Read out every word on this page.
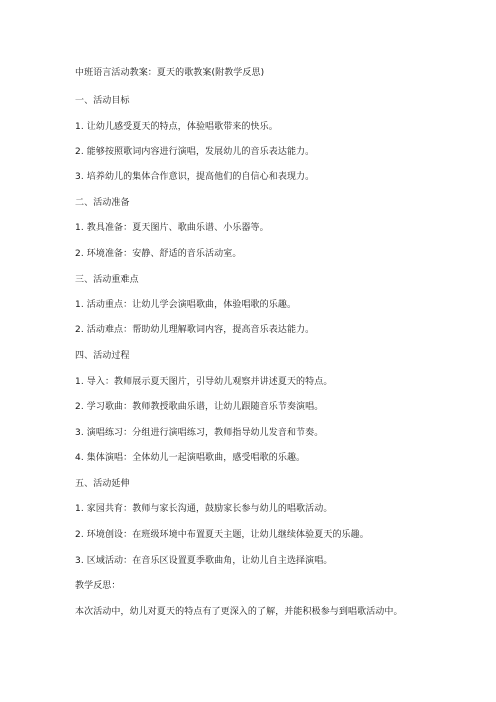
中班语言活动教案：夏天的歌教案(附教学反思)
一、活动目标
1. 让幼儿感受夏天的特点，体验唱歌带来的快乐。
2. 能够按照歌词内容进行演唱，发展幼儿的音乐表达能力。
3. 培养幼儿的集体合作意识，提高他们的自信心和表现力。
二、活动准备
1. 教具准备：夏天图片、歌曲乐谱、小乐器等。
2. 环境准备：安静、舒适的音乐活动室。
三、活动重难点
1. 活动重点：让幼儿学会演唱歌曲，体验唱歌的乐趣。
2. 活动难点：帮助幼儿理解歌词内容，提高音乐表达能力。
四、活动过程
1. 导入：教师展示夏天图片，引导幼儿观察并讲述夏天的特点。
2. 学习歌曲：教师教授歌曲乐谱，让幼儿跟随音乐节奏演唱。
3. 演唱练习：分组进行演唱练习，教师指导幼儿发音和节奏。
4. 集体演唱：全体幼儿一起演唱歌曲，感受唱歌的乐趣。
五、活动延伸
1. 家园共育：教师与家长沟通，鼓励家长参与幼儿的唱歌活动。
2. 环境创设：在班级环境中布置夏天主题，让幼儿继续体验夏天的乐趣。
3. 区域活动：在音乐区设置夏季歌曲角，让幼儿自主选择演唱。
教学反思：
本次活动中，幼儿对夏天的特点有了更深入的了解，并能积极参与到唱歌活动中。
